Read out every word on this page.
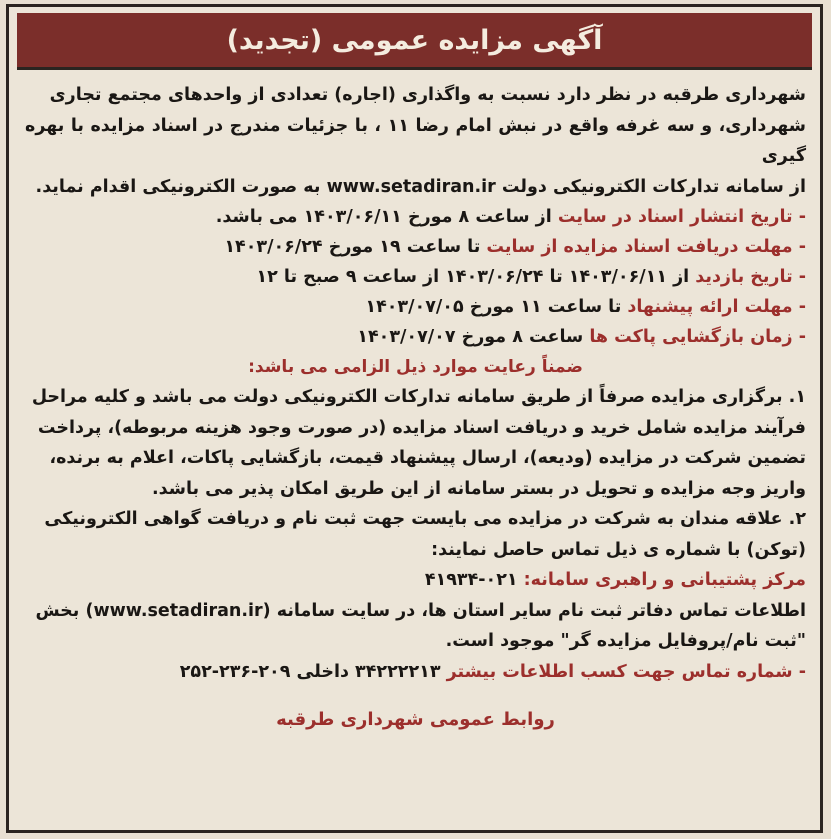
آگهی مزایده عمومی (تجدید)

شهرداری طرقبه در نظر دارد نسبت به واگذاری (اجاره) تعدادی از واحدهای مجتمع تجاری
شهرداری، و سه غرفه واقع در نبش امام رضا ۱۱ ، با جزئیات مندرج در اسناد مزایده با بهره گیری
از سامانه تدارکات الکترونیکی دولت www.setadiran.ir به صورت الکترونیکی اقدام نماید.

- تاریخ انتشار اسناد در سایت از ساعت ۸ مورخ ۱۴۰۳/۰۶/۱۱ می باشد.

- مهلت دریافت اسناد مزایده از سایت تا ساعت ۱۹ مورخ ۱۴۰۳/۰۶/۲۴

- تاریخ بازدید از ۱۴۰۳/۰۶/۱۱ تا ۱۴۰۳/۰۶/۲۴ از ساعت ۹ صبح تا ۱۲

- مهلت ارائه پیشنهاد تا ساعت ۱۱ مورخ ۱۴۰۳/۰۷/۰۵

- زمان بازگشایی پاکت ها ساعت ۸ مورخ ۱۴۰۳/۰۷/۰۷

ضمناً رعایت موارد ذیل الزامی می باشد:

۱. برگزاری مزایده صرفاً از طریق سامانه تدارکات الکترونیکی دولت می باشد و کلیه مراحل
فرآیند مزایده شامل خرید و دریافت اسناد مزایده (در صورت وجود هزینه مربوطه)، پرداخت
تضمین شرکت در مزایده (ودیعه)، ارسال پیشنهاد قیمت، بازگشایی پاکات، اعلام به برنده،
واریز وجه مزایده و تحویل در بستر سامانه از این طریق امکان پذیر می باشد.

۲. علاقه مندان به شرکت در مزایده می بایست جهت ثبت نام و دریافت گواهی الکترونیکی
(توکن) با شماره ی ذیل تماس حاصل نمایند:

مرکز پشتیبانی و راهبری سامانه: ۰۲۱-۴۱۹۳۴

اطلاعات تماس دفاتر ثبت نام سایر استان ها، در سایت سامانه (www.setadiran.ir) بخش
"ثبت نام/پروفایل مزایده گر" موجود است.

- شماره تماس جهت کسب اطلاعات بیشتر ۳۴۲۲۲۲۱۳ داخلی ۲۰۹-۲۳۶-۲۵۲

روابط عمومی شهرداری طرقبه
